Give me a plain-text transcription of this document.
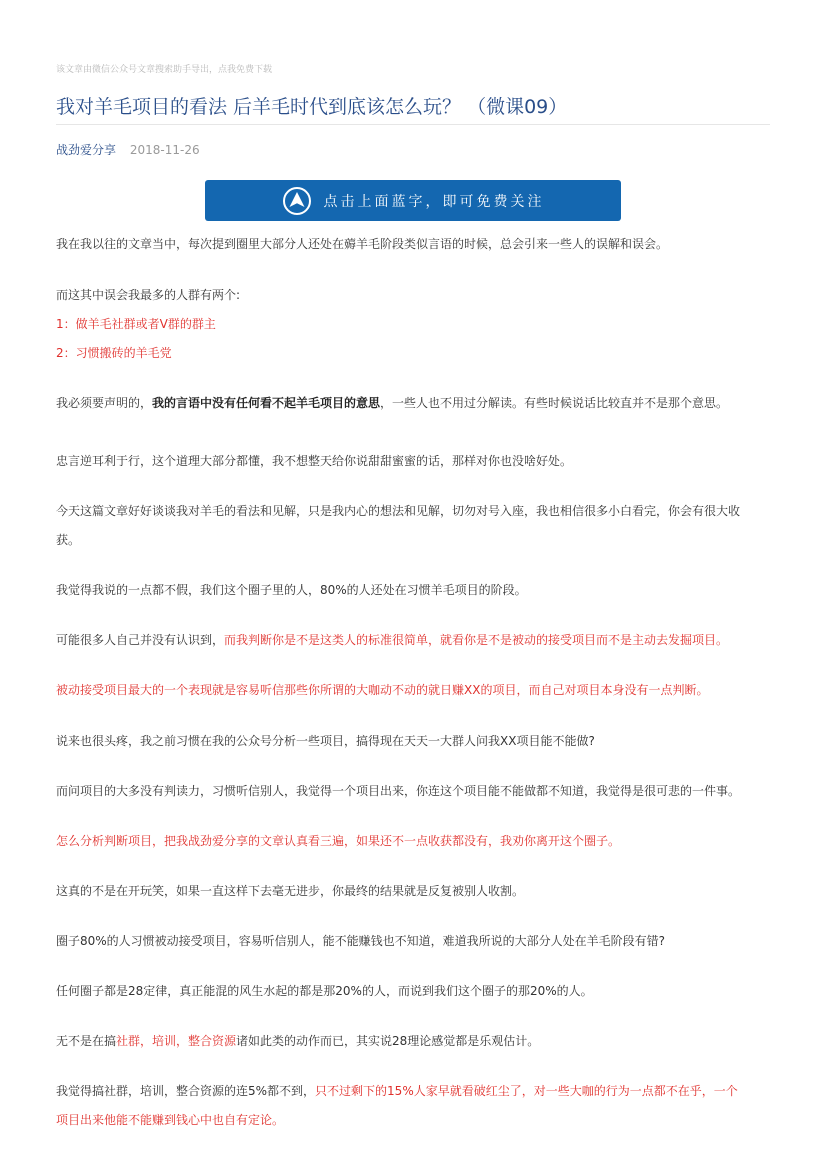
该文章由微信公众号文章搜索助手导出，点我免费下载
我对羊毛项目的看法 后羊毛时代到底该怎么玩？ （微课09）
战劲爱分享 2018-11-26
点击上面蓝字，即可免费关注

我在我以往的文章当中，每次提到圈里大部分人还处在薅羊毛阶段类似言语的时候，总会引来一些人的误解和误会。

而这其中误会我最多的人群有两个:

1：做羊毛社群或者V群的群主

2：习惯搬砖的羊毛党

我必须要声明的，我的言语中没有任何看不起羊毛项目的意思，一些人也不用过分解读。有些时候说话比较直并不是那个意思。

忠言逆耳利于行，这个道理大部分都懂，我不想整天给你说甜甜蜜蜜的话，那样对你也没啥好处。

今天这篇文章好好谈谈我对羊毛的看法和见解，只是我内心的想法和见解，切勿对号入座，我也相信很多小白看完，你会有很大收

获。

我觉得我说的一点都不假，我们这个圈子里的人，80%的人还处在习惯羊毛项目的阶段。

可能很多人自己并没有认识到，而我判断你是不是这类人的标准很简单，就看你是不是被动的接受项目而不是主动去发掘项目。

被动接受项目最大的一个表现就是容易听信那些你所谓的大咖动不动的就日赚XX的项目，而自己对项目本身没有一点判断。

说来也很头疼，我之前习惯在我的公众号分析一些项目，搞得现在天天一大群人问我XX项目能不能做?

而问项目的大多没有判读力，习惯听信别人，我觉得一个项目出来，你连这个项目能不能做都不知道，我觉得是很可悲的一件事。

怎么分析判断项目，把我战劲爱分享的文章认真看三遍，如果还不一点收获都没有，我劝你离开这个圈子。

这真的不是在开玩笑，如果一直这样下去毫无进步，你最终的结果就是反复被别人收割。

圈子80%的人习惯被动接受项目，容易听信别人，能不能赚钱也不知道，难道我所说的大部分人处在羊毛阶段有错?

任何圈子都是28定律，真正能混的风生水起的都是那20%的人，而说到我们这个圈子的那20%的人。

无不是在搞社群，培训，整合资源诸如此类的动作而已，其实说28理论感觉都是乐观估计。

我觉得搞社群，培训，整合资源的连5%都不到，只不过剩下的15%人家早就看破红尘了，对一些大咖的行为一点都不在乎，一个

项目出来他能不能赚到钱心中也自有定论。
